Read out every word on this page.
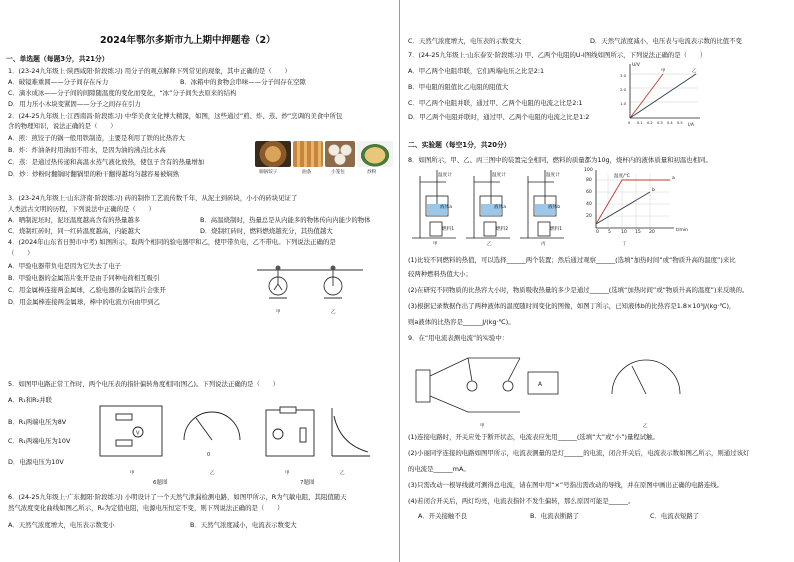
2024年鄂尔多斯市九上期中押题卷（2）
一、单选题（每题3分，共21分）
1．(23-24九年级上·陕西咸阳·阶段练习) 用分子的观点解释下列常见的现象，其中正确的是（　　）
A．破镜难重圆——分子间存在斥力	B．冰箱中的食物会串味——分子间存在空隙
C．滴水成冰——分子间的间隙随温度的变化而变化，“冰”分子间失去原来的结构
D．用力压小木块变紧固——分子之间存在引力
2．(24-25九年级上·江西南昌·阶段练习) 中华美食文化博大精深，如图，这些通过“煎、炸、蒸、炒”烹调的美食中所包
含的物理知识，说法正确的是（　　）
A．煎：煎饺子的锅一般用铁制造，主要是利用了铁的比热容大
B．炸：炸油条时用油而不用水，是因为油的沸点比水高
C．蒸：是通过热传递和高温水蒸气液化放热，使包子含有的热量增加
D．炒：炒粉时翻锅时翻锅里的粉干翻得越均匀越容易被焖熟	铜锅饺子	油条	小笼包	炒粉
3．(23-24九年级上·山东济南·阶段练习) 砖的制作工艺流传数千年，从泥土到砖块，小小的砖块见证了
人类远古文明的历程，下列说法中正确的是（　　）
A．晒制泥坯时，泥坯温度越高含有的热量越多	B．高温烧制时，热量总是从内能多的物体传向内能少的物体
C．烧制红砖时，同一红砖温度越高，内能越大	D．烧制红砖时，燃料燃烧越充分，其热值越大
4．(2024年山东省日照市中考) 如图所示，取两个相同的验电器甲和乙，使甲带负电，乙不带电。下列说法正确的是
（　　）
A．甲验电器带负电是因为它失去了电子
B．甲验电器的金属箔片张开是由于同种电荷相互吸引
C．用金属棒连接两金属球，乙验电器的金属箔片会张开
D．用金属棒连接两金属球，棒中的电流方向由甲到乙
甲	乙
5．如图甲电路正常工作时，两个电压表的指针偏转角度相同(图乙)。下列说法正确的是（　　）
A．R₁和R₂并联
B．R₁两端电压为8V
C．R₁两端电压为10V
D．电源电压为10V
V
0
甲	乙
6题图
甲	乙
7题图
6．(24-25九年级上·广东揭阳·阶段练习) 小明设计了一个天然气泄漏检测电路，如图甲所示，R为气敏电阻，其阻值随天
然气浓度变化曲线如图乙所示，R₀为定值电阻，电源电压恒定不变，则下列说法正确的是（　　）
A．天然气浓度增大，电压表示数变小	B．天然气浓度减小，电流表示数变大
C．天然气浓度增大，电压表的示数变大	D．天然气浓度减小，电压表与电流表示数的比值不变
7．(24-25九年级上·山东泰安·阶段练习) 甲、乙两个电阻的U-I图线如图所示，下列说法正确的是（　　）
A．甲乙两个电阻串联，它们两端电压之比是2:1
B．甲电阻的阻值比乙电阻的阻值大
C．甲乙两个电阻并联，通过甲、乙两个电阻的电流之比是2:1
D．甲乙两个电阻并联时，通过甲、乙两个电阻的电流之比是1:2
U/V
I/A
甲	乙
1.0
2.0
3.0
0 0.1 0.2 0.3 0.4 0.5
二、实验题（每空1分，共20分）
8．如图所示，甲、乙、丙三图中的装置完全相同，燃料的质量都为10g，烧杯内的液体质量和初温也相同。
温度计	温度计	温度计
液体a	液体a	液体b
燃料1	燃料2	燃料1
甲	乙	丙
温度/℃
t/min
a
b
0 5 10 15 20
20
40
60
80
100
丁
(1)比较不同燃料的热值，可以选择______两个装置；然后通过观察______(选填“加热时间”或“物质升高的温度”)来比
较两种燃料热值大小；
(2)在研究不同物质的比热容大小时，物质吸收热量的多少是通过______(选填“加热时间”或“物质升高的温度”)来反映的。
(3)根据记录数据作出了两种液体的温度随时间变化的图像，如图丁所示，已知液体b的比热容是1.8×10³J/(kg·℃)，
则a液体的比热容是______J/(kg·℃)。
9．在“用电流表测电流”的实验中：
A
甲	乙
(1)连接电路时，开关应处于断开状态，电流表应先用______(选填“大”或“小”)量程试触。
(2)小丽同学连接的电路如图甲所示，电流表测量的是灯______的电流，闭合开关后，电流表示数如图乙所示，则通过该灯
的电流是______mA。
(3)只需改动一根导线就可测得总电流，请在图中用“×”号指出需改动的导线，并在原图中画出正确的电路连线。
(4)若闭合开关后，两灯均亮，电流表指针不发生偏转，那么原因可能是______。
A．开关接触不良	B．电流表断路了	C．电流表短路了
